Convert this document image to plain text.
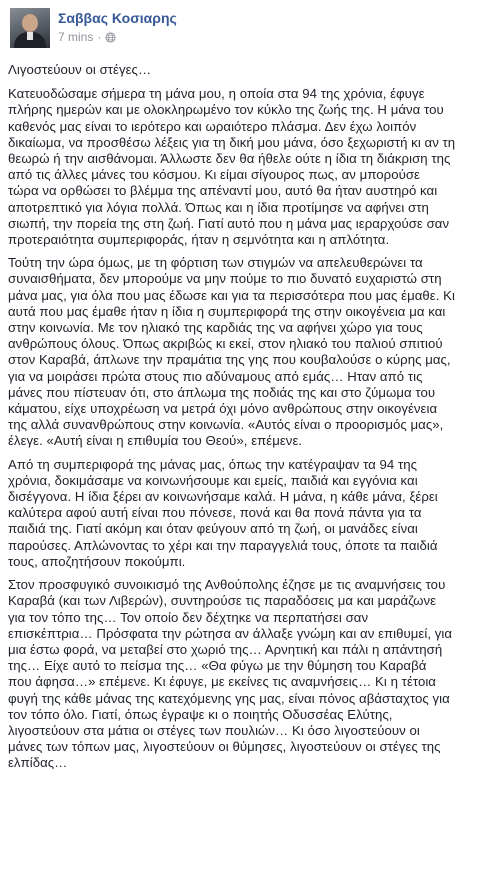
Σαββας Κοσιαρης
7 mins ·
Λιγοστεύουν οι στέγες…
Κατευοδώσαμε σήμερα τη μάνα μου, η οποία στα 94 της χρόνια, έφυγε
πλήρης ημερών και με ολοκληρωμένο τον κύκλο της ζωής της. Η μάνα του
καθενός μας είναι το ιερότερο και ωραιότερο πλάσμα. Δεν έχω λοιπόν
δικαίωμα, να προσθέσω λέξεις για τη δική μου μάνα, όσο ξεχωριστή κι αν τη
θεωρώ ή την αισθάνομαι. Άλλωστε δεν θα ήθελε ούτε η ίδια τη διάκριση της
από τις άλλες μάνες του κόσμου. Κι είμαι σίγουρος πως, αν μπορούσε
τώρα να ορθώσει το βλέμμα της απέναντί μου, αυτό θα ήταν αυστηρό και
αποτρεπτικό για λόγια πολλά. Όπως και η ίδια προτίμησε να αφήνει στη
σιωπή, την πορεία της στη ζωή. Γιατί αυτό που η μάνα μας ιεραρχούσε σαν
προτεραιότητα συμπεριφοράς, ήταν η σεμνότητα και η απλότητα.
Τούτη την ώρα όμως, με τη φόρτιση των στιγμών να απελευθερώνει τα
συναισθήματα, δεν μπορούμε να μην πούμε το πιο δυνατό ευχαριστώ στη
μάνα μας, για όλα που μας έδωσε και για τα περισσότερα που μας έμαθε. Κι
αυτά που μας έμαθε ήταν η ίδια η συμπεριφορά της στην οικογένεια μα και
στην κοινωνία. Με τον ηλιακό της καρδιάς της να αφήνει χώρο για τους
ανθρώπους όλους. Όπως ακριβώς κι εκεί, στον ηλιακό του παλιού σπιτιού
στον Καραβά, άπλωνε την πραμάτια της γης που κουβαλούσε ο κύρης μας,
για να μοιράσει πρώτα στους πιο αδύναμους από εμάς… Ηταν από τις
μάνες που πίστευαν ότι, στο άπλωμα της ποδιάς της και στο ζύμωμα του
κάματου, είχε υποχρέωση να μετρά όχι μόνο ανθρώπους στην οικογένεια
της αλλά συνανθρώπους στην κοινωνία. «Αυτός είναι ο προορισμός μας»,
έλεγε. «Αυτή είναι η επιθυμία του Θεού», επέμενε.
Από τη συμπεριφορά της μάνας μας, όπως την κατέγραψαν τα 94 της
χρόνια, δοκιμάσαμε να κοινωνήσουμε και εμείς, παιδιά και εγγόνια και
δισέγγονα. Η ίδια ξέρει αν κοινωνήσαμε καλά. Η μάνα, η κάθε μάνα, ξέρει
καλύτερα αφού αυτή είναι που πόνεσε, πονά και θα πονά πάντα για τα
παιδιά της. Γιατί ακόμη και όταν φεύγουν από τη ζωή, οι μανάδες είναι
παρούσες. Απλώνοντας το χέρι και την παραγγελιά τους, όποτε τα παιδιά
τους, αποζητήσουν ποκούμπι.
Στον προσφυγικό συνοικισμό της Ανθούπολης έζησε με τις αναμνήσεις του
Καραβά (και των Λιβερών), συντηρούσε τις παραδόσεις μα και μαράζωνε
για τον τόπο της… Τον οποίο δεν δέχτηκε να περπατήσει σαν
επισκέπτρια… Πρόσφατα την ρώτησα αν άλλαξε γνώμη και αν επιθυμεί, για
μια έστω φορά, να μεταβεί στο χωριό της… Αρνητική και πάλι η απάντησή
της… Είχε αυτό το πείσμα της… «Θα φύγω με την θύμηση του Καραβά
που άφησα…» επέμενε. Κι έφυγε, με εκείνες τις αναμνήσεις… Κι η τέτοια
φυγή της κάθε μάνας της κατεχόμενης γης μας, είναι πόνος αβάσταχτος για
τον τόπο όλο. Γιατί, όπως έγραψε κι ο ποιητής Οδυσσέας Ελύτης,
λιγοστεύουν στα μάτια οι στέγες των πουλιών… Κι όσο λιγοστεύουν οι
μάνες των τόπων μας, λιγοστεύουν οι θύμησες, λιγοστεύουν οι στέγες της
ελπίδας…
